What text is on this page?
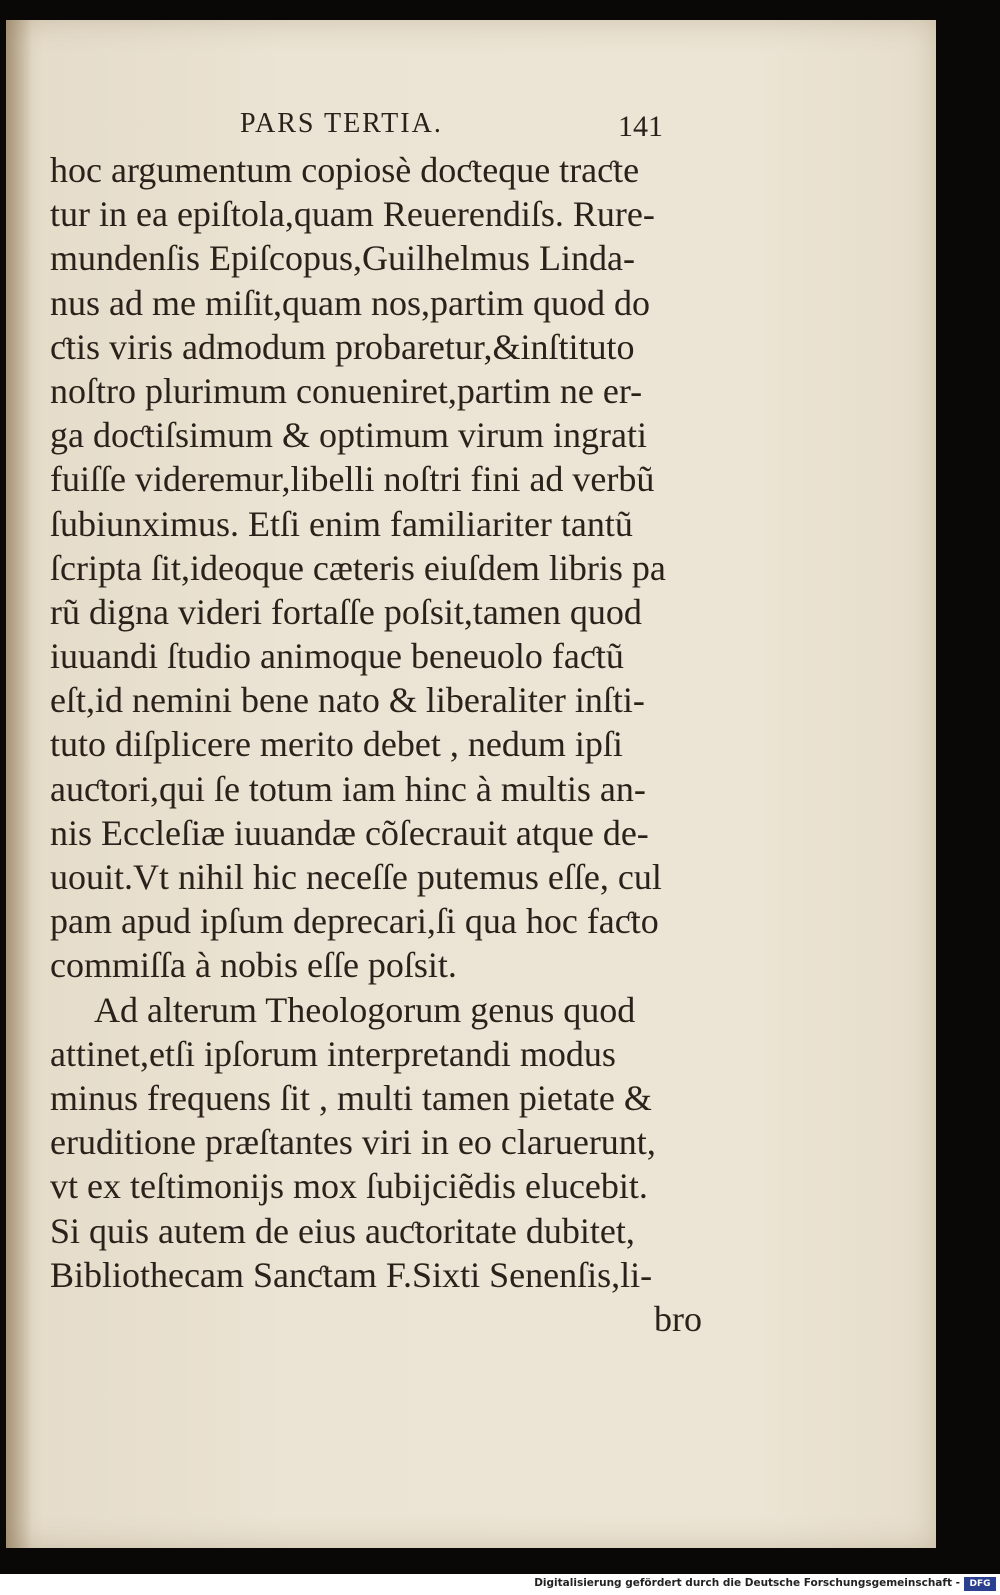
PARS TERTIA.	141
hoc argumentum copiosè doƈteque traƈte
tur in ea epiſtola,quam Reuerendiſs. Rure-
mundenſis Epiſcopus,Guilhelmus Linda-
nus ad me miſit,quam nos,partim quod do
ƈtis viris admodum probaretur,&inſtituto
noſtro plurimum conueniret,partim ne er-
ga doƈtiſsimum & optimum virum ingrati
fuiſſe videremur,libelli noſtri fini ad verbũ
ſubiunximus. Etſi enim familiariter tantũ
ſcripta ſit,ideoque cæteris eiuſdem libris pa
rũ digna videri fortaſſe poſsit,tamen quod
iuuandi ſtudio animoque beneuolo faƈtũ
eſt,id nemini bene nato & liberaliter inſti-
tuto diſplicere merito debet , nedum ipſi
auƈtori,qui ſe totum iam hinc à multis an-
nis Eccleſiæ iuuandæ cõſecrauit atque de-
uouit.Vt nihil hic neceſſe putemus eſſe, cul
pam apud ipſum deprecari,ſi qua hoc faƈto
commiſſa à nobis eſſe poſsit.
Ad alterum Theologorum genus quod
attinet,etſi ipſorum interpretandi modus
minus frequens ſit , multi tamen pietate &
eruditione præſtantes viri in eo claruerunt,
vt ex teſtimonijs mox ſubijciẽdis elucebit.
Si quis autem de eius auƈtoritate dubitet,
Bibliothecam Sanƈtam F.Sixti Senenſis,li-
bro
Digitalisierung gefördert durch die Deutsche Forschungsgemeinschaft -	DFG
